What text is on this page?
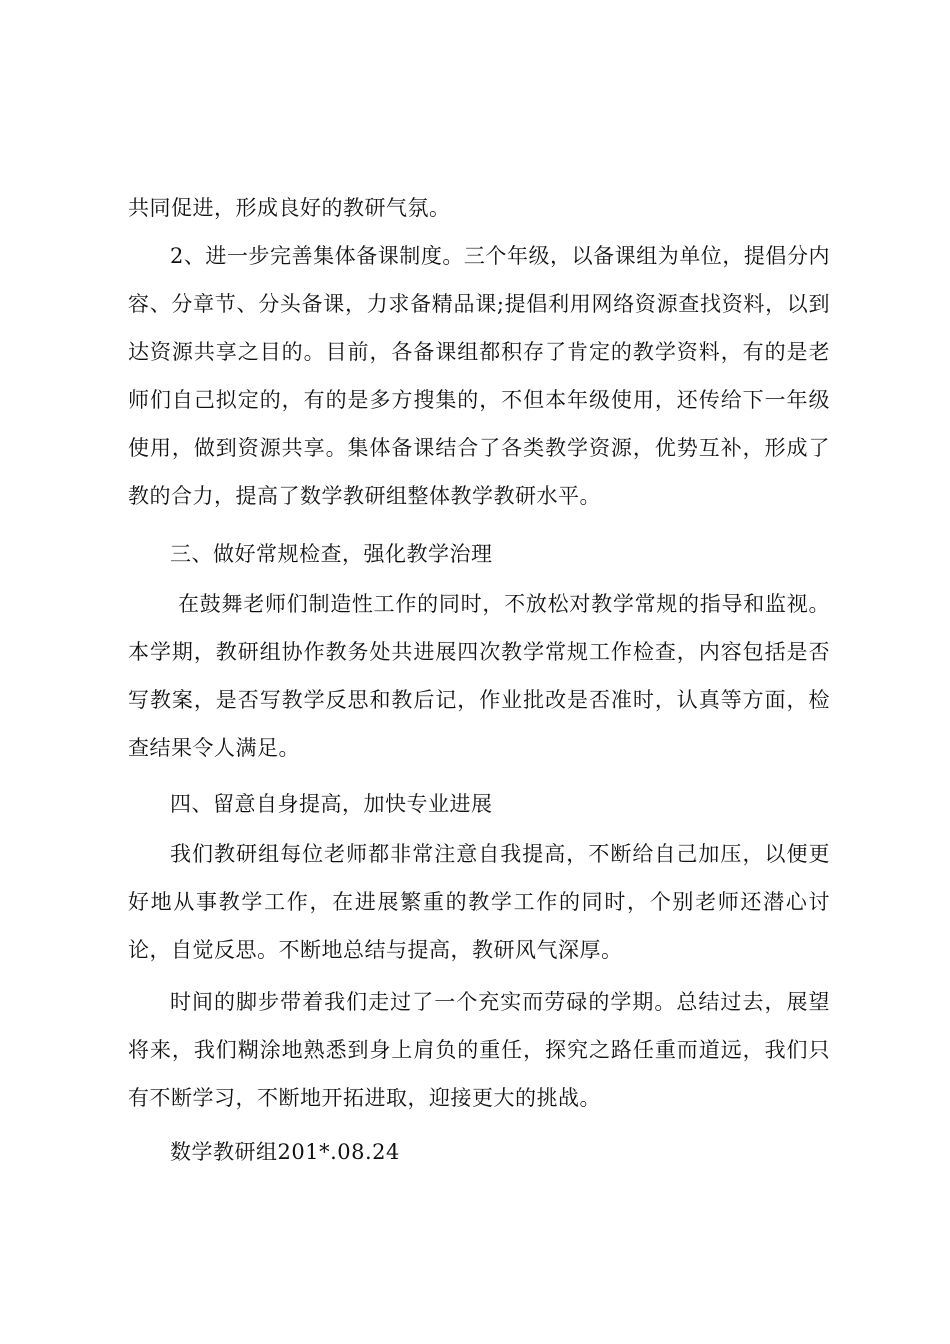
共同促进，形成良好的教研气氛。

2、进一步完善集体备课制度。三个年级，以备课组为单位，提倡分内容、分章节、分头备课，力求备精品课;提倡利用网络资源查找资料，以到达资源共享之目的。目前，各备课组都积存了肯定的教学资料，有的是老师们自己拟定的，有的是多方搜集的，不但本年级使用，还传给下一年级使用，做到资源共享。集体备课结合了各类教学资源，优势互补，形成了教的合力，提高了数学教研组整体教学教研水平。

三、做好常规检查，强化教学治理

在鼓舞老师们制造性工作的同时，不放松对教学常规的指导和监视。本学期，教研组协作教务处共进展四次教学常规工作检查，内容包括是否写教案，是否写教学反思和教后记，作业批改是否准时，认真等方面，检查结果令人满足。

四、留意自身提高，加快专业进展

我们教研组每位老师都非常注意自我提高，不断给自己加压，以便更好地从事教学工作，在进展繁重的教学工作的同时，个别老师还潜心讨论，自觉反思。不断地总结与提高，教研风气深厚。

时间的脚步带着我们走过了一个充实而劳碌的学期。总结过去，展望将来，我们糊涂地熟悉到身上肩负的重任，探究之路任重而道远，我们只有不断学习，不断地开拓进取，迎接更大的挑战。

数学教研组201*.08.24
